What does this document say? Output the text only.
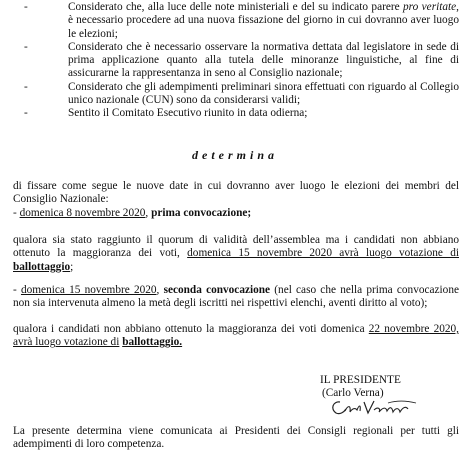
-	Considerato che, alla luce delle note ministeriali e del su indicato parere pro veritate, è necessario procedere ad una nuova fissazione del giorno in cui dovranno aver luogo le elezioni;
-	Considerato che è necessario osservare la normativa dettata dal legislatore in sede di prima applicazione quanto alla tutela delle minoranze linguistiche, al fine di assicurarne la rappresentanza in seno al Consiglio nazionale;
-	Considerato che gli adempimenti preliminari sinora effettuati con riguardo al Collegio unico nazionale (CUN) sono da considerarsi validi;
-	Sentito il Comitato Esecutivo riunito in data odierna;
determina

di fissare come segue le nuove date in cui dovranno aver luogo le elezioni dei membri del Consiglio Nazionale:

- domenica 8 novembre 2020, prima convocazione;

qualora sia stato raggiunto il quorum di validità dell’assemblea ma i candidati non abbiano ottenuto la maggioranza dei voti, domenica 15 novembre 2020 avrà luogo votazione di ballottaggio;

- domenica 15 novembre 2020, seconda convocazione (nel caso che nella prima convocazione non sia intervenuta almeno la metà degli iscritti nei rispettivi elenchi, aventi diritto al voto);

qualora i candidati non abbiano ottenuto la maggioranza dei voti domenica 22 novembre 2020, avrà luogo votazione di ballottaggio.

IL PRESIDENTE
(Carlo Verna)

La presente determina viene comunicata ai Presidenti dei Consigli regionali per tutti gli adempimenti di loro competenza.
